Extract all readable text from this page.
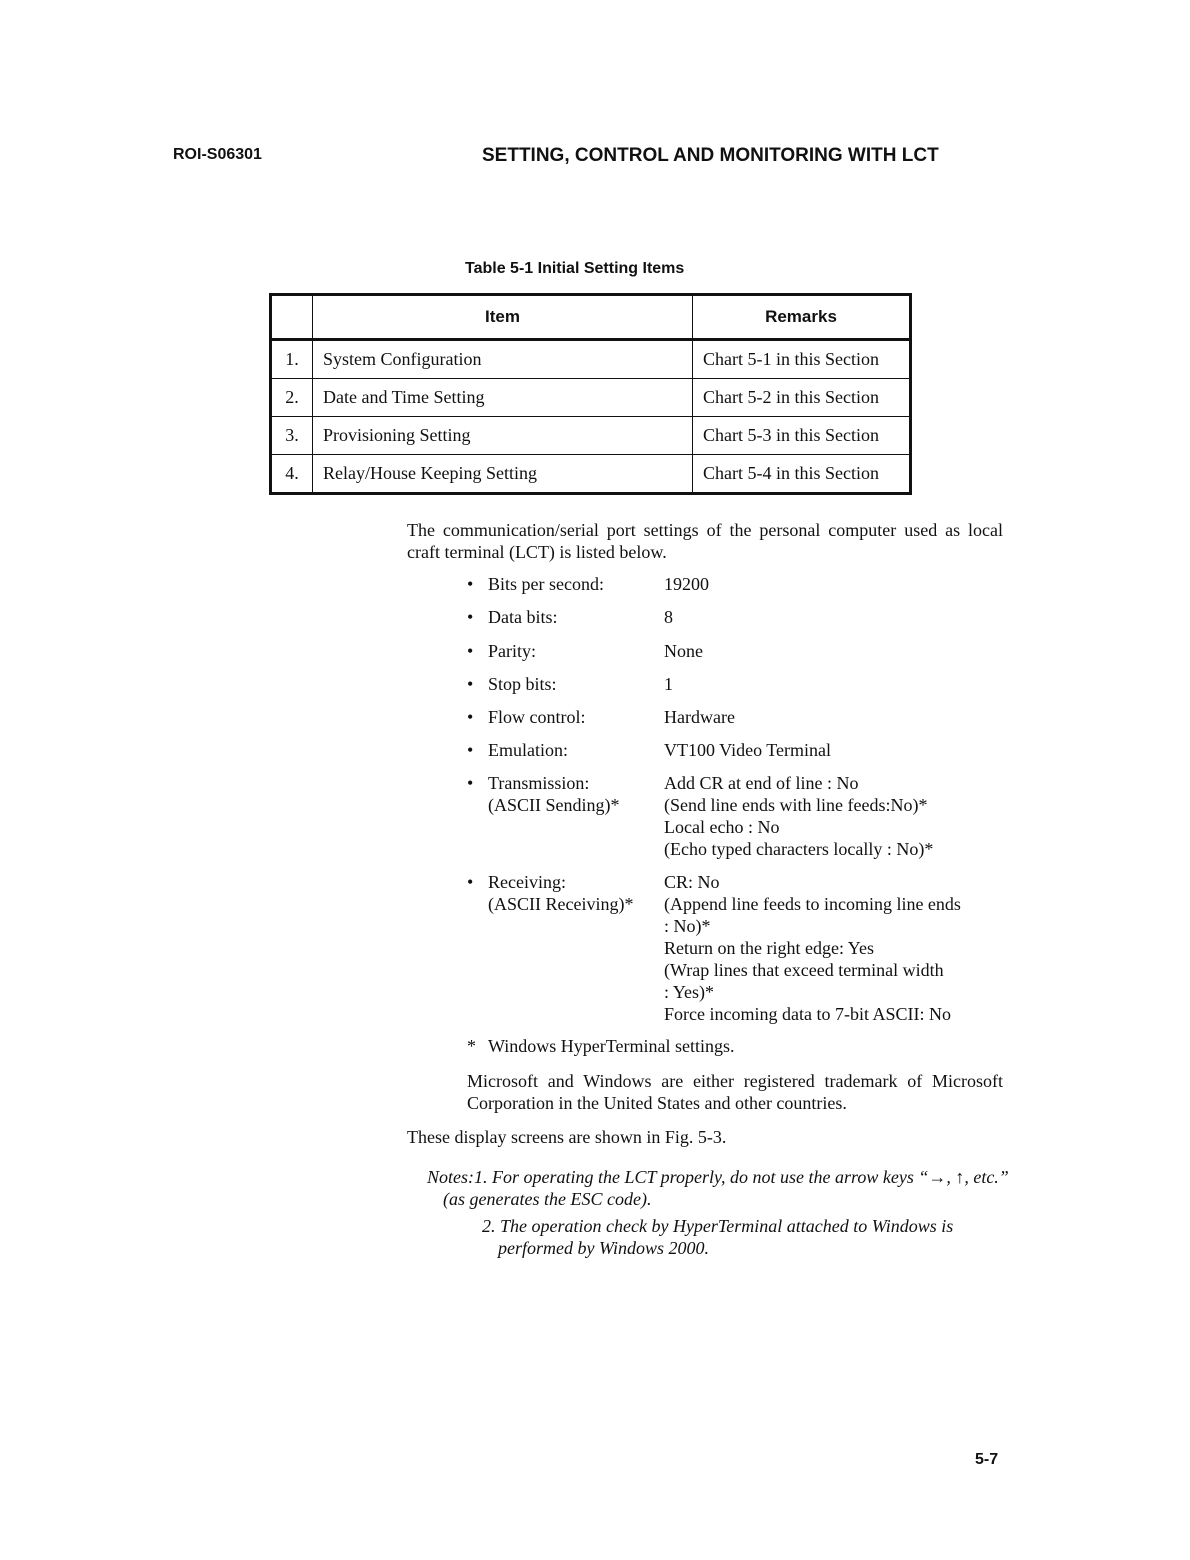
ROI-S06301	SETTING, CONTROL AND MONITORING WITH LCT
Table 5-1 Initial Setting Items
	Item	Remarks
1.	System Configuration	Chart 5-1 in this Section
2.	Date and Time Setting	Chart 5-2 in this Section
3.	Provisioning Setting	Chart 5-3 in this Section
4.	Relay/House Keeping Setting	Chart 5-4 in this Section
The communication/serial port settings of the personal computer used as local craft terminal (LCT) is listed below.
• Bits per second:	19200
• Data bits:	8
• Parity:	None
• Stop bits:	1
• Flow control:	Hardware
• Emulation:	VT100 Video Terminal
• Transmission:
(ASCII Sending)*
Add CR at end of line : No
(Send line ends with line feeds:No)*
Local echo : No
(Echo typed characters locally : No)*
• Receiving:
(ASCII Receiving)*
CR: No
(Append line feeds to incoming line ends
: No)*
Return on the right edge: Yes
(Wrap lines that exceed terminal width
: Yes)*
Force incoming data to 7-bit ASCII: No
* Windows HyperTerminal settings.
Microsoft and Windows are either registered trademark of Microsoft Corporation in the United States and other countries.
These display screens are shown in Fig. 5-3.
Notes:1. For operating the LCT properly, do not use the arrow keys “→, ↑, etc.” (as generates the ESC code).
2. The operation check by HyperTerminal attached to Windows is performed by Windows 2000.
5-7
